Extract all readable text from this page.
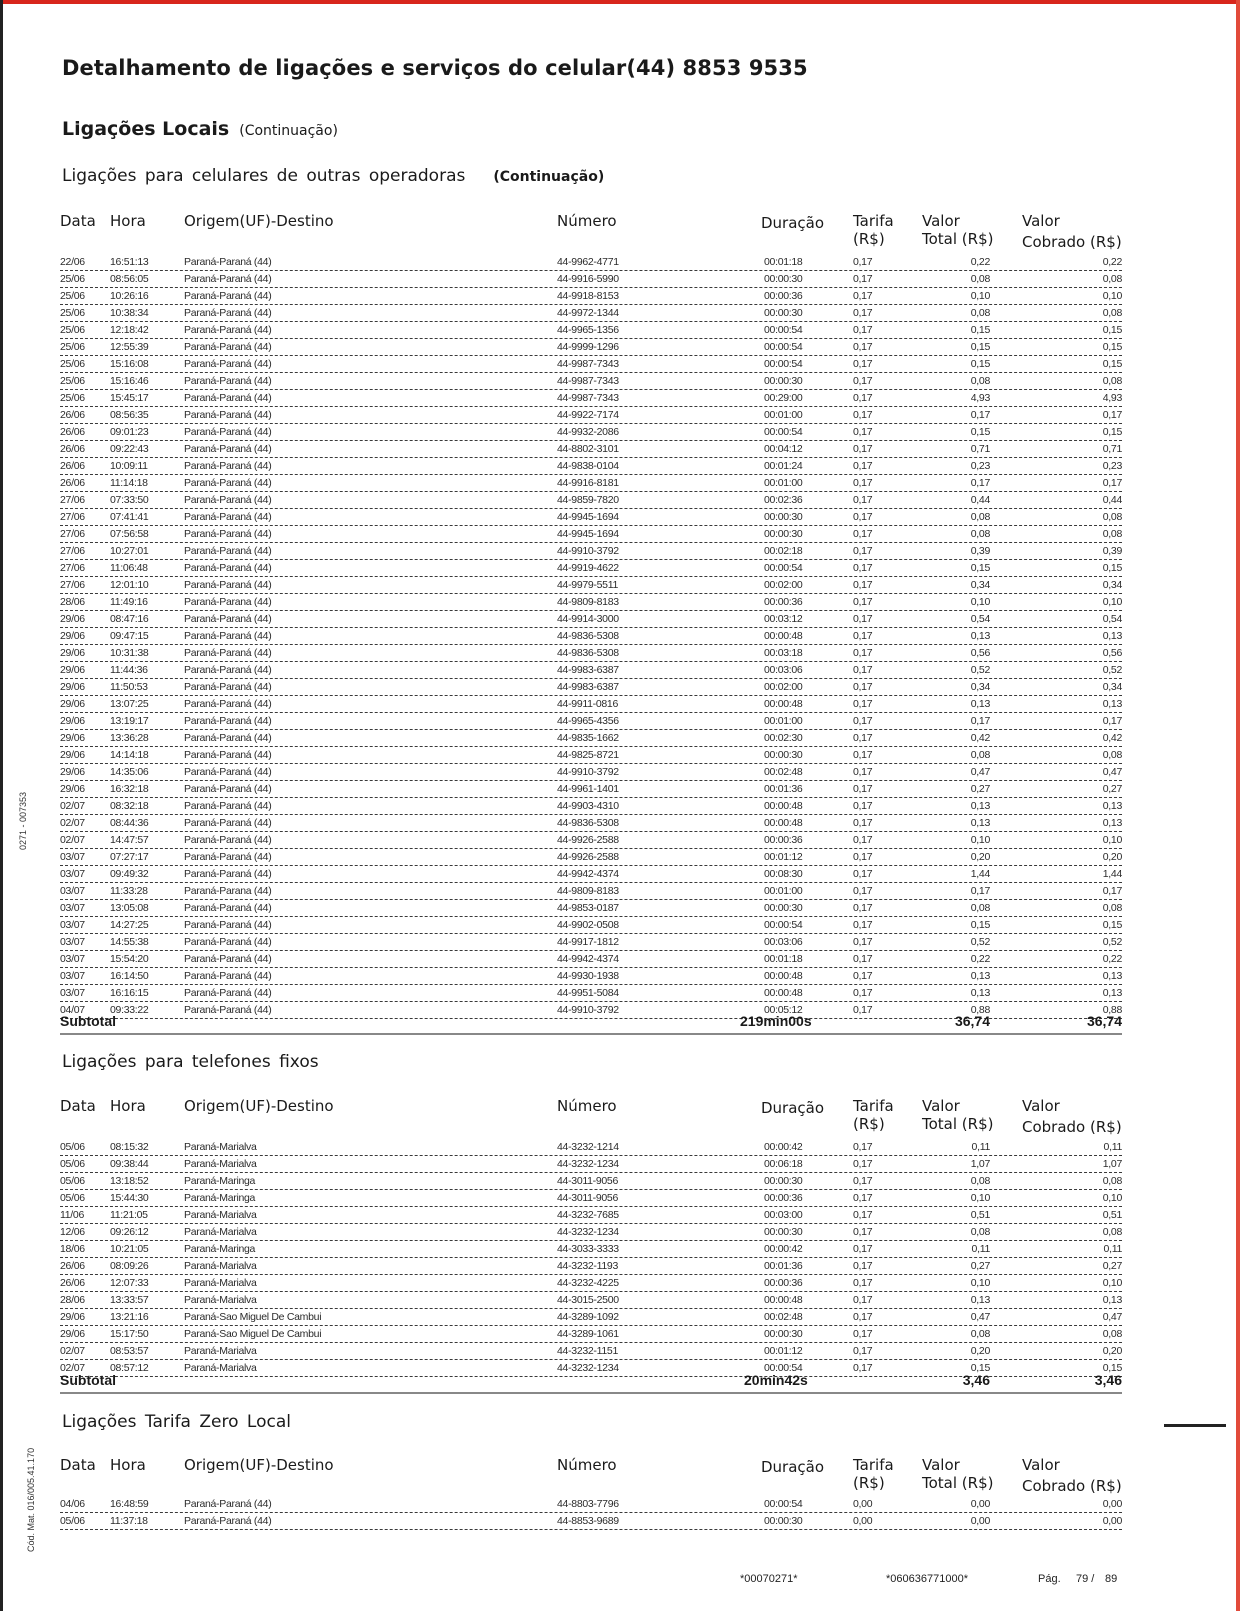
0271 - 007353
Cód. Mat. 016/005.41.170
Detalhamento de ligações e serviços do celular(44) 8853 9535
Ligações Locais (Continuação)
Ligações para celulares de outras operadoras (Continuação)
Data Hora	Origem(UF)-Destino	Número	Duração Tarifa
(R$)
Valor
Total (R$)
Valor
Cobrado (R$)
22/06 16:51:13	Paraná-Paraná (44)	44-9962-4771	00:01:18	0,17	0,22	0,22
25/06 08:56:05	Paraná-Paraná (44)	44-9916-5990	00:00:30	0,17	0,08	0,08
25/06 10:26:16	Paraná-Paraná (44)	44-9918-8153	00:00:36	0,17	0,10	0,10
25/06 10:38:34	Paraná-Paraná (44)	44-9972-1344	00:00:30	0,17	0,08	0,08
25/06 12:18:42	Paraná-Paraná (44)	44-9965-1356	00:00:54	0,17	0,15	0,15
25/06 12:55:39	Paraná-Paraná (44)	44-9999-1296	00:00:54	0,17	0,15	0,15
25/06 15:16:08	Paraná-Paraná (44)	44-9987-7343	00:00:54	0,17	0,15	0,15
25/06 15:16:46	Paraná-Paraná (44)	44-9987-7343	00:00:30	0,17	0,08	0,08
25/06 15:45:17	Paraná-Paraná (44)	44-9987-7343	00:29:00	0,17	4,93	4,93
26/06 08:56:35	Paraná-Paraná (44)	44-9922-7174	00:01:00	0,17	0,17	0,17
26/06 09:01:23	Paraná-Paraná (44)	44-9932-2086	00:00:54	0,17	0,15	0,15
26/06 09:22:43	Paraná-Paraná (44)	44-8802-3101	00:04:12	0,17	0,71	0,71
26/06 10:09:11	Paraná-Paraná (44)	44-9838-0104	00:01:24	0,17	0,23	0,23
26/06 11:14:18	Paraná-Paraná (44)	44-9916-8181	00:01:00	0,17	0,17	0,17
27/06 07:33:50	Paraná-Paraná (44)	44-9859-7820	00:02:36	0,17	0,44	0,44
27/06 07:41:41	Paraná-Paraná (44)	44-9945-1694	00:00:30	0,17	0,08	0,08
27/06 07:56:58	Paraná-Paraná (44)	44-9945-1694	00:00:30	0,17	0,08	0,08
27/06 10:27:01	Paraná-Paraná (44)	44-9910-3792	00:02:18	0,17	0,39	0,39
27/06 11:06:48	Paraná-Paraná (44)	44-9919-4622	00:00:54	0,17	0,15	0,15
27/06 12:01:10	Paraná-Paraná (44)	44-9979-5511	00:02:00	0,17	0,34	0,34
28/06 11:49:16	Paraná-Parana (44)	44-9809-8183	00:00:36	0,17	0,10	0,10
29/06 08:47:16	Paraná-Paraná (44)	44-9914-3000	00:03:12	0,17	0,54	0,54
29/06 09:47:15	Paraná-Paraná (44)	44-9836-5308	00:00:48	0,17	0,13	0,13
29/06 10:31:38	Paraná-Paraná (44)	44-9836-5308	00:03:18	0,17	0,56	0,56
29/06 11:44:36	Paraná-Paraná (44)	44-9983-6387	00:03:06	0,17	0,52	0,52
29/06 11:50:53	Paraná-Paraná (44)	44-9983-6387	00:02:00	0,17	0,34	0,34
29/06 13:07:25	Paraná-Paraná (44)	44-9911-0816	00:00:48	0,17	0,13	0,13
29/06 13:19:17	Paraná-Paraná (44)	44-9965-4356	00:01:00	0,17	0,17	0,17
29/06 13:36:28	Paraná-Paraná (44)	44-9835-1662	00:02:30	0,17	0,42	0,42
29/06 14:14:18	Paraná-Paraná (44)	44-9825-8721	00:00:30	0,17	0,08	0,08
29/06 14:35:06	Paraná-Paraná (44)	44-9910-3792	00:02:48	0,17	0,47	0,47
29/06 16:32:18	Paraná-Paraná (44)	44-9961-1401	00:01:36	0,17	0,27	0,27
02/07 08:32:18	Paraná-Paraná (44)	44-9903-4310	00:00:48	0,17	0,13	0,13
02/07 08:44:36	Paraná-Paraná (44)	44-9836-5308	00:00:48	0,17	0,13	0,13
02/07 14:47:57	Paraná-Paraná (44)	44-9926-2588	00:00:36	0,17	0,10	0,10
03/07 07:27:17	Paraná-Paraná (44)	44-9926-2588	00:01:12	0,17	0,20	0,20
03/07 09:49:32	Paraná-Paraná (44)	44-9942-4374	00:08:30	0,17	1,44	1,44
03/07 11:33:28	Paraná-Parana (44)	44-9809-8183	00:01:00	0,17	0,17	0,17
03/07 13:05:08	Paraná-Paraná (44)	44-9853-0187	00:00:30	0,17	0,08	0,08
03/07 14:27:25	Paraná-Paraná (44)	44-9902-0508	00:00:54	0,17	0,15	0,15
03/07 14:55:38	Paraná-Paraná (44)	44-9917-1812	00:03:06	0,17	0,52	0,52
03/07 15:54:20	Paraná-Paraná (44)	44-9942-4374	00:01:18	0,17	0,22	0,22
03/07 16:14:50	Paraná-Paraná (44)	44-9930-1938	00:00:48	0,17	0,13	0,13
03/07 16:16:15	Paraná-Paraná (44)	44-9951-5084	00:00:48	0,17	0,13	0,13
04/07 09:33:22	Paraná-Paraná (44)	44-9910-3792	00:05:12	0,17	0,88	0,88
Subtotal	219min00s	36,74	36,74
Ligações para telefones fixos
Data Hora	Origem(UF)-Destino	Número	Duração Tarifa
(R$)
Valor
Total (R$)
Valor
Cobrado (R$)
05/06 08:15:32	Paraná-Marialva	44-3232-1214	00:00:42	0,17	0,11	0,11
05/06 09:38:44	Paraná-Marialva	44-3232-1234	00:06:18	0,17	1,07	1,07
05/06 13:18:52	Paraná-Maringa	44-3011-9056	00:00:30	0,17	0,08	0,08
05/06 15:44:30	Paraná-Maringa	44-3011-9056	00:00:36	0,17	0,10	0,10
11/06 11:21:05	Paraná-Marialva	44-3232-7685	00:03:00	0,17	0,51	0,51
12/06 09:26:12	Paraná-Marialva	44-3232-1234	00:00:30	0,17	0,08	0,08
18/06 10:21:05	Paraná-Maringa	44-3033-3333	00:00:42	0,17	0,11	0,11
26/06 08:09:26	Paraná-Marialva	44-3232-1193	00:01:36	0,17	0,27	0,27
26/06 12:07:33	Paraná-Marialva	44-3232-4225	00:00:36	0,17	0,10	0,10
28/06 13:33:57	Paraná-Marialva	44-3015-2500	00:00:48	0,17	0,13	0,13
29/06 13:21:16	Paraná-Sao Miguel De Cambui	44-3289-1092	00:02:48	0,17	0,47	0,47
29/06 15:17:50	Paraná-Sao Miguel De Cambui	44-3289-1061	00:00:30	0,17	0,08	0,08
02/07 08:53:57	Paraná-Marialva	44-3232-1151	00:01:12	0,17	0,20	0,20
02/07 08:57:12	Paraná-Marialva	44-3232-1234	00:00:54	0,17	0,15	0,15
Subtotal	20min42s	3,46	3,46
Ligações Tarifa Zero Local
Data Hora	Origem(UF)-Destino	Número	Duração Tarifa
(R$)
Valor
Total (R$)
Valor
Cobrado (R$)
04/06 16:48:59	Paraná-Paraná (44)	44-8803-7796	00:00:54	0,00	0,00	0,00
05/06 11:37:18	Paraná-Paraná (44)	44-8853-9689	00:00:30	0,00	0,00	0,00
*00070271*	*060636771000*	Pág. 79 / 89
